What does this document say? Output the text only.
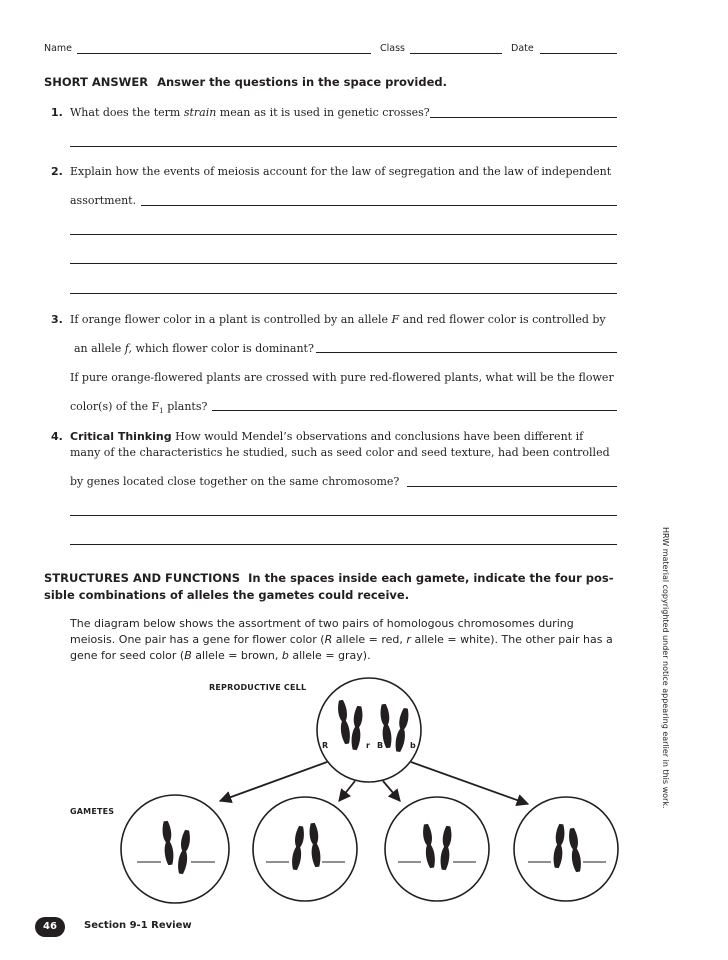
Name	Class	Date
SHORT ANSWER Answer the questions in the space provided.
1. What does the term strain mean as it is used in genetic crosses?
2. Explain how the events of meiosis account for the law of segregation and the law of independent
assortment.
3. If orange flower color in a plant is controlled by an allele F and red flower color is controlled by
an allele f, which flower color is dominant?
If pure orange-flowered plants are crossed with pure red-flowered plants, what will be the flower
color(s) of the $F_1$ plants?
4. Critical Thinking How would Mendel’s observations and conclusions have been different if
many of the characteristics he studied, such as seed color and seed texture, had been controlled
by genes located close together on the same chromosome?
HRW material copyrighted under notice appearing earlier in this work.
STRUCTURES AND FUNCTIONS In the spaces inside each gamete, indicate the four pos-
sible combinations of alleles the gametes could receive.
The diagram below shows the assortment of two pairs of homologous chromosomes during
meiosis. One pair has a gene for flower color (R allele = red, r allele = white). The other pair has a
gene for seed color (B allele = brown, b allele = gray).
REPRODUCTIVE CELL
GAMETES
R	r B	b
46	Section 9-1 Review
